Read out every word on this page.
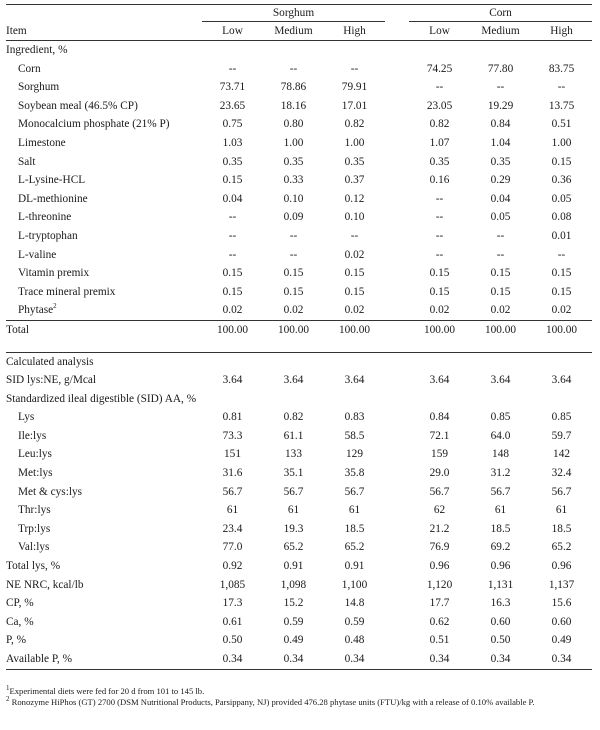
	Sorghum				Corn		
Item	Low	Medium	High		Low	Medium	High
Ingredient, %							
Corn	--	--	--		74.25	77.80	83.75
Sorghum	73.71	78.86	79.91		--	--	--
Soybean meal (46.5% CP)	23.65	18.16	17.01		23.05	19.29	13.75
Monocalcium phosphate (21% P)	0.75	0.80	0.82		0.82	0.84	0.51
Limestone	1.03	1.00	1.00		1.07	1.04	1.00
Salt	0.35	0.35	0.35		0.35	0.35	0.15
L-Lysine-HCL	0.15	0.33	0.37		0.16	0.29	0.36
DL-methionine	0.04	0.10	0.12		--	0.04	0.05
L-threonine	--	0.09	0.10		--	0.05	0.08
L-tryptophan	--	--	--		--	--	0.01
L-valine	--	--	0.02		--	--	--
Vitamin premix	0.15	0.15	0.15		0.15	0.15	0.15
Trace mineral premix	0.15	0.15	0.15		0.15	0.15	0.15
Phytase$^2$	0.02	0.02	0.02		0.02	0.02	0.02
Total	100.00	100.00	100.00		100.00	100.00	100.00

Calculated analysis							
SID lys:NE, g/Mcal	3.64	3.64	3.64		3.64	3.64	3.64
Standardized ileal digestible (SID) AA, %							
Lys	0.81	0.82	0.83		0.84	0.85	0.85
Ile:lys	73.3	61.1	58.5		72.1	64.0	59.7
Leu:lys	151	133	129		159	148	142
Met:lys	31.6	35.1	35.8		29.0	31.2	32.4
Met & cys:lys	56.7	56.7	56.7		56.7	56.7	56.7
Thr:lys	61	61	61		62	61	61
Trp:lys	23.4	19.3	18.5		21.2	18.5	18.5
Val:lys	77.0	65.2	65.2		76.9	69.2	65.2
Total lys, %	0.92	0.91	0.91		0.96	0.96	0.96
NE NRC, kcal/lb	1,085	1,098	1,100		1,120	1,131	1,137
CP, %	17.3	15.2	14.8		17.7	16.3	15.6
Ca, %	0.61	0.59	0.59		0.62	0.60	0.60
P, %	0.50	0.49	0.48		0.51	0.50	0.49
Available P, %	0.34	0.34	0.34		0.34	0.34	0.34

$^1$Experimental diets were fed for 20 d from 101 to 145 lb.

$^2$ Ronozyme HiPhos (GT) 2700 (DSM Nutritional Products, Parsippany, NJ) provided 476.28 phytase units (FTU)/kg with a release of 0.10% available P.
